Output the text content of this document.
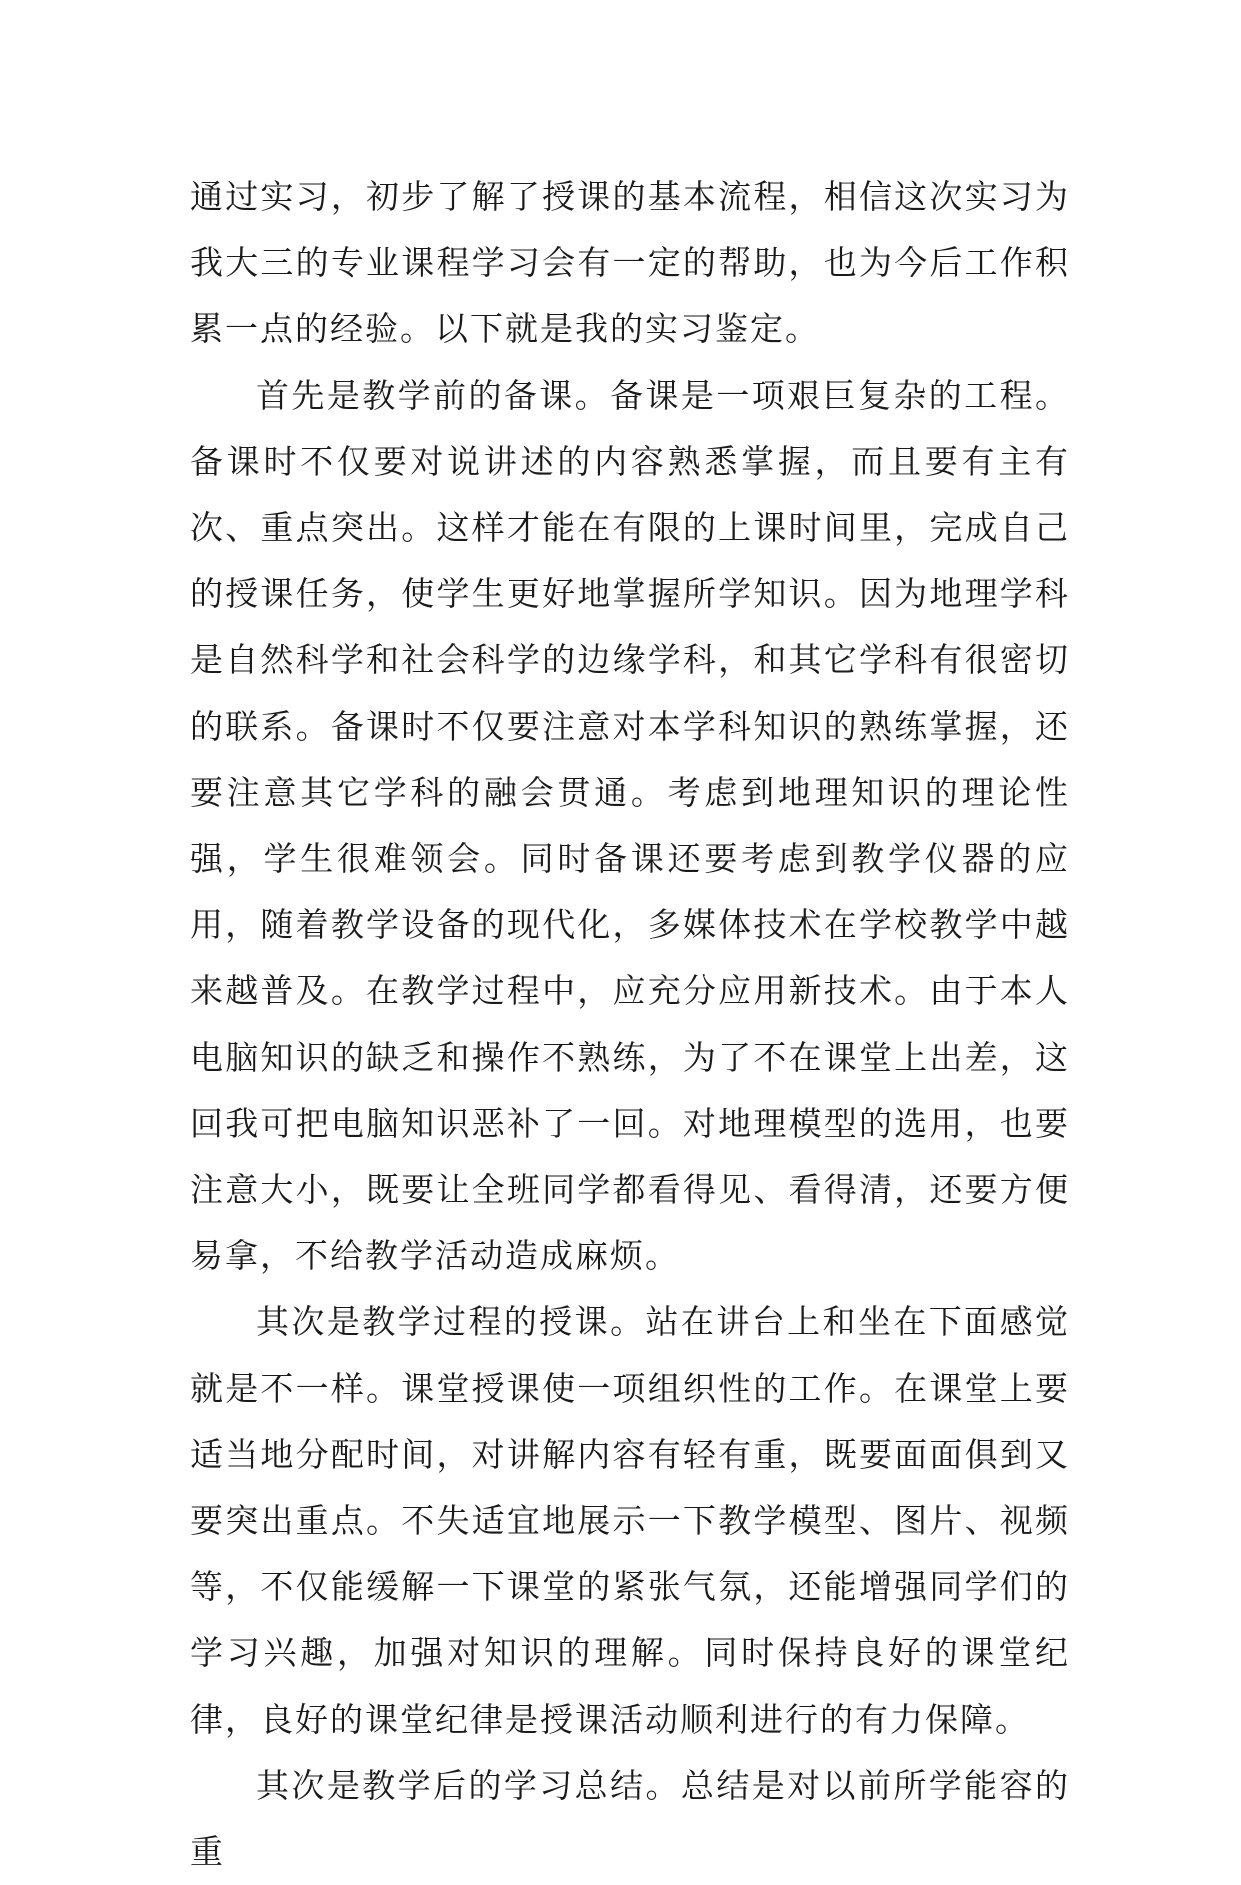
通过实习，初步了解了授课的基本流程，相信这次实习为我大三的专业课程学习会有一定的帮助，也为今后工作积累一点的经验。以下就是我的实习鉴定。

首先是教学前的备课。备课是一项艰巨复杂的工程。备课时不仅要对说讲述的内容熟悉掌握，而且要有主有次、重点突出。这样才能在有限的上课时间里，完成自己的授课任务，使学生更好地掌握所学知识。因为地理学科是自然科学和社会科学的边缘学科，和其它学科有很密切的联系。备课时不仅要注意对本学科知识的熟练掌握，还要注意其它学科的融会贯通。考虑到地理知识的理论性强，学生很难领会。同时备课还要考虑到教学仪器的应用，随着教学设备的现代化，多媒体技术在学校教学中越来越普及。在教学过程中，应充分应用新技术。由于本人电脑知识的缺乏和操作不熟练，为了不在课堂上出差，这回我可把电脑知识恶补了一回。对地理模型的选用，也要注意大小，既要让全班同学都看得见、看得清，还要方便易拿，不给教学活动造成麻烦。

其次是教学过程的授课。站在讲台上和坐在下面感觉就是不一样。课堂授课使一项组织性的工作。在课堂上要适当地分配时间，对讲解内容有轻有重，既要面面俱到又要突出重点。不失适宜地展示一下教学模型、图片、视频等，不仅能缓解一下课堂的紧张气氛，还能增强同学们的学习兴趣，加强对知识的理解。同时保持良好的课堂纪律，良好的课堂纪律是授课活动顺利进行的有力保障。

其次是教学后的学习总结。总结是对以前所学能容的重
